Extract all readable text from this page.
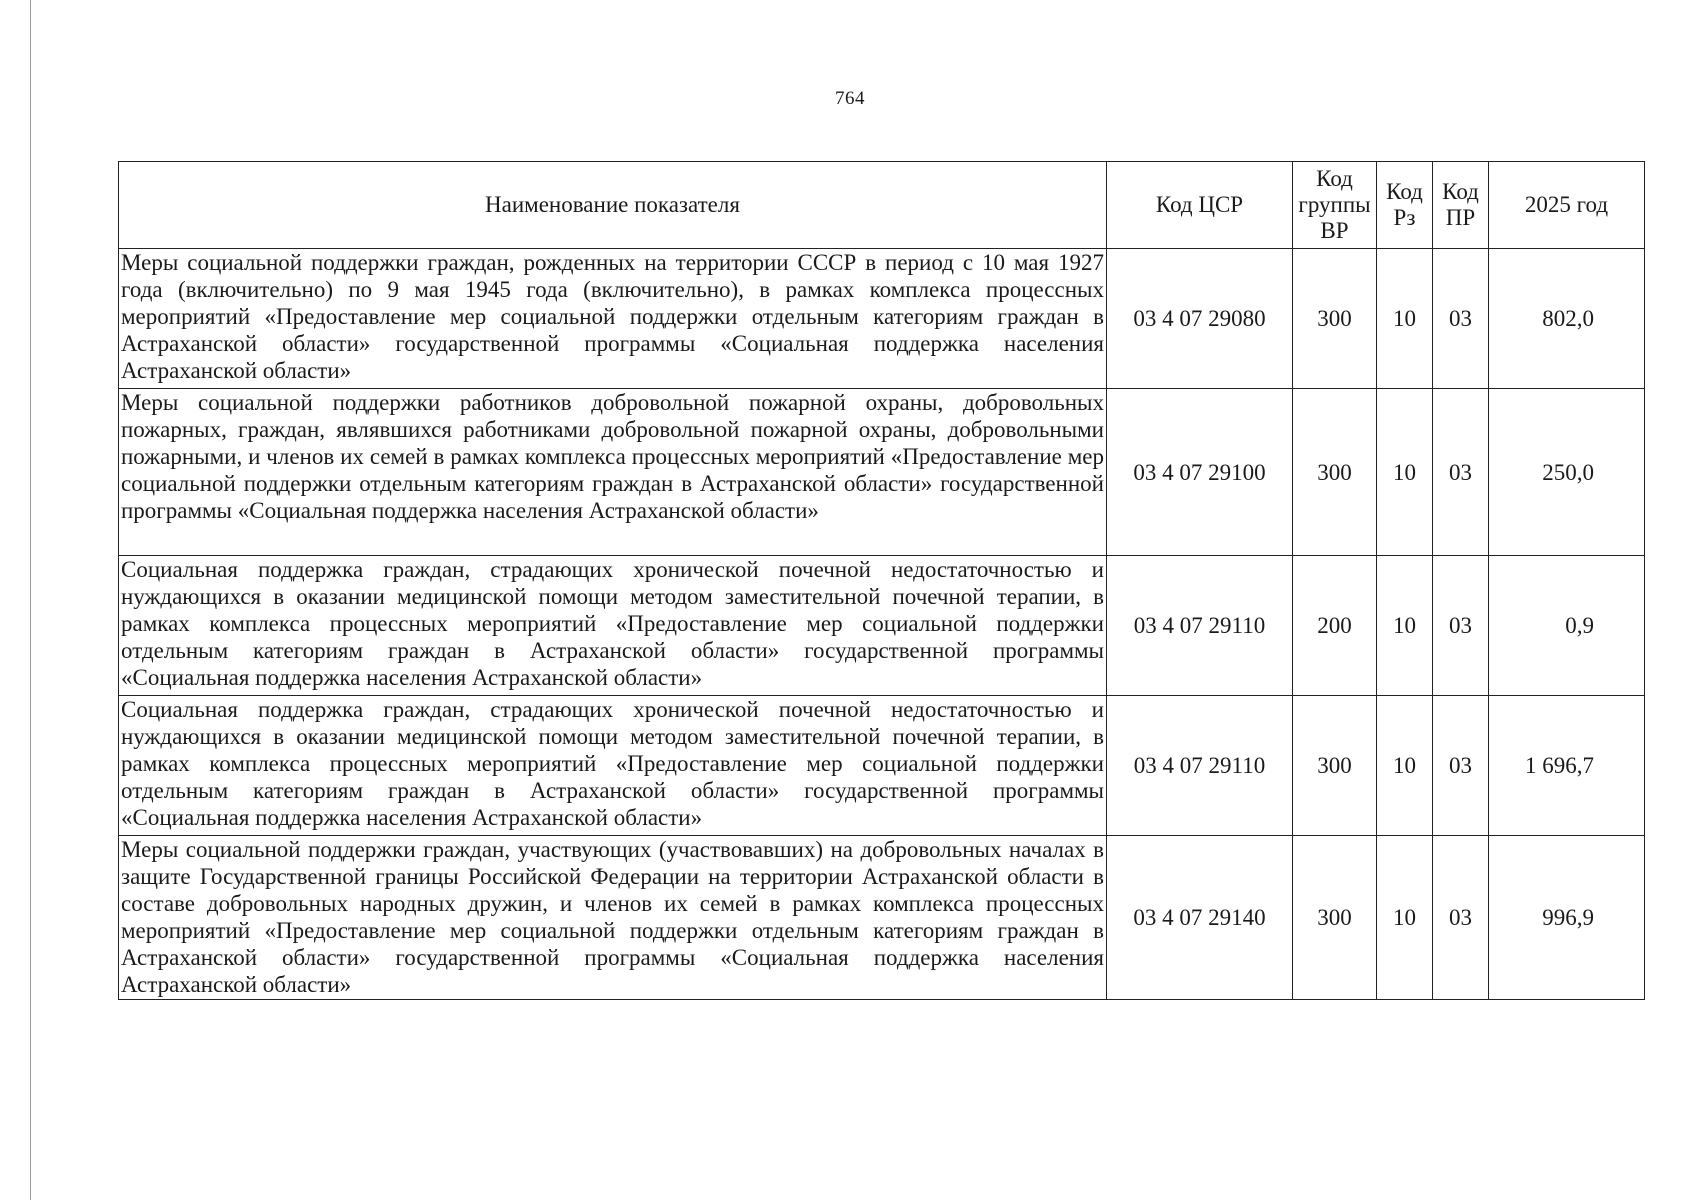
764
Наименование показателя	Код ЦСР	Код группы ВР	Код Рз	Код ПР	2025 год
Меры социальной поддержки граждан, рожденных на территории СССР в период с 10 мая 1927 года (включительно) по 9 мая 1945 года (включительно), в рамках комплекса процессных мероприятий «Предоставление мер социальной поддержки отдельным категориям граждан в Астраханской области» государственной программы «Социальная поддержка населения Астраханской области»	03 4 07 29080	300	10	03	802,0
Меры социальной поддержки работников добровольной пожарной охраны, добровольных пожарных, граждан, являвшихся работниками добровольной пожарной охраны, добровольными пожарными, и членов их семей в рамках комплекса процессных мероприятий «Предоставление мер социальной поддержки отдельным категориям граждан в Астраханской области» государственной программы «Социальная поддержка населения Астраханской области»	03 4 07 29100	300	10	03	250,0
Социальная поддержка граждан, страдающих хронической почечной недостаточностью и нуждающихся в оказании медицинской помощи методом заместительной почечной терапии, в рамках комплекса процессных мероприятий «Предоставление мер социальной поддержки отдельным категориям граждан в Астраханской области» государственной программы «Социальная поддержка населения Астраханской области»	03 4 07 29110	200	10	03	0,9
Социальная поддержка граждан, страдающих хронической почечной недостаточностью и нуждающихся в оказании медицинской помощи методом заместительной почечной терапии, в рамках комплекса процессных мероприятий «Предоставление мер социальной поддержки отдельным категориям граждан в Астраханской области» государственной программы «Социальная поддержка населения Астраханской области»	03 4 07 29110	300	10	03	1 696,7
Меры социальной поддержки граждан, участвующих (участвовавших) на добровольных началах в защите Государственной границы Российской Федерации на территории Астраханской области в составе добровольных народных дружин, и членов их семей в рамках комплекса процессных мероприятий «Предоставление мер социальной поддержки отдельным категориям граждан в Астраханской области» государственной программы «Социальная поддержка населения Астраханской области»	03 4 07 29140	300	10	03	996,9
